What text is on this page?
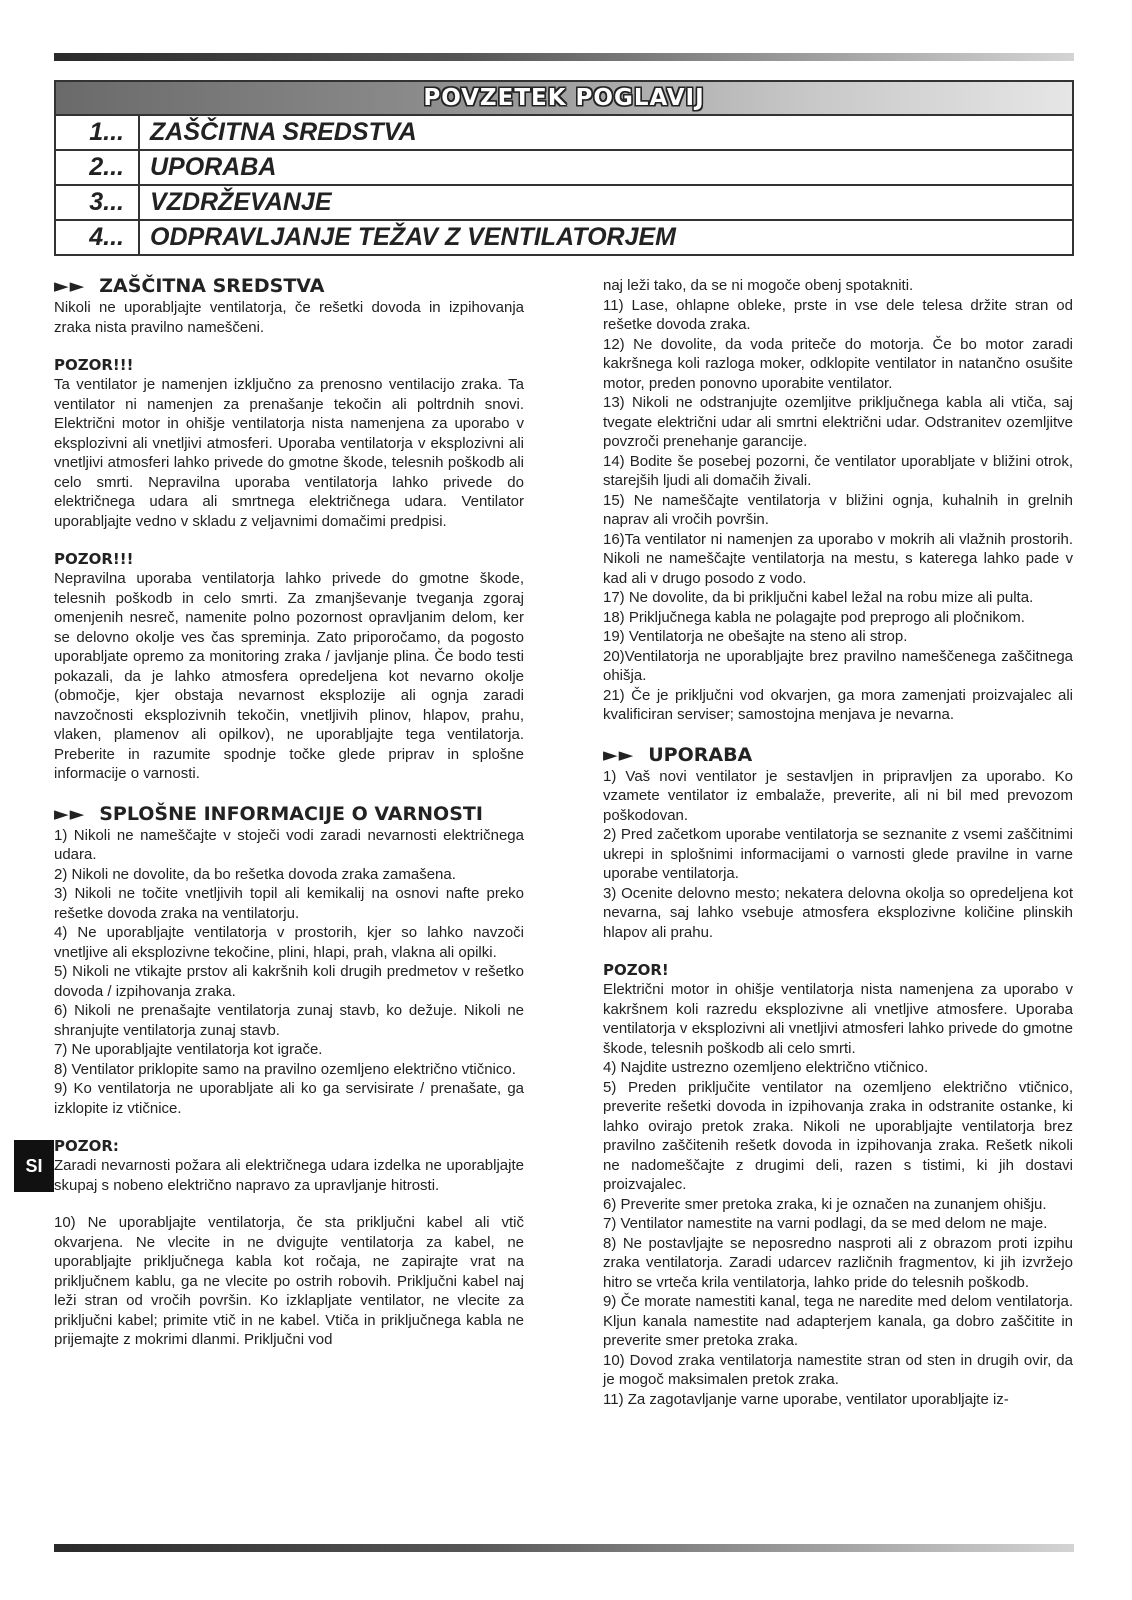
POVZETEK POGLAVIJ
1...	ZAŠČITNA SREDSTVA
2...	UPORABA
3...	VZDRŽEVANJE
4...	ODPRAVLJANJE TEŽAV Z VENTILATORJEM
►► ZAŠČITNA SREDSTVA

Nikoli ne uporabljajte ventilatorja, če rešetki dovoda in izpihovanja zraka nista pravilno nameščeni.

POZOR!!!

Ta ventilator je namenjen izključno za prenosno ventilacijo zraka. Ta ventilator ni namenjen za prenašanje tekočin ali poltrdnih snovi. Električni motor in ohišje ventilatorja nista namenjena za uporabo v eksplozivni ali vnetljivi atmosferi. Uporaba ventilatorja v eksplozivni ali vnetljivi atmosferi lahko privede do gmotne škode, telesnih poškodb ali celo smrti. Nepravilna uporaba ventilatorja lahko privede do električnega udara ali smrtnega električnega udara. Ventilator uporabljajte vedno v skladu z veljavnimi domačimi predpisi.

POZOR!!!

Nepravilna uporaba ventilatorja lahko privede do gmotne škode, telesnih poškodb in celo smrti. Za zmanjševanje tveganja zgoraj omenjenih nesreč, namenite polno pozornost opravljanim delom, ker se delovno okolje ves čas spreminja. Zato priporočamo, da pogosto uporabljate opremo za monitoring zraka / javljanje plina. Če bodo testi pokazali, da je lahko atmosfera opredeljena kot nevarno okolje (območje, kjer obstaja nevarnost eksplozije ali ognja zaradi navzočnosti eksplozivnih tekočin, vnetljivih plinov, hlapov, prahu, vlaken, plamenov ali opilkov), ne uporabljajte tega ventilatorja. Preberite in razumite spodnje točke glede priprav in splošne informacije o varnosti.

►► SPLOŠNE INFORMACIJE O VARNOSTI

1) Nikoli ne nameščajte v stoječi vodi zaradi nevarnosti električnega udara.

2) Nikoli ne dovolite, da bo rešetka dovoda zraka zamašena.

3) Nikoli ne točite vnetljivih topil ali kemikalij na osnovi nafte preko rešetke dovoda zraka na ventilatorju.

4) Ne uporabljajte ventilatorja v prostorih, kjer so lahko navzoči vnetljive ali eksplozivne tekočine, plini, hlapi, prah, vlakna ali opilki.

5) Nikoli ne vtikajte prstov ali kakršnih koli drugih predmetov v rešetko dovoda / izpihovanja zraka.

6) Nikoli ne prenašajte ventilatorja zunaj stavb, ko dežuje. Nikoli ne shranjujte ventilatorja zunaj stavb.

7) Ne uporabljajte ventilatorja kot igrače.

8) Ventilator priklopite samo na pravilno ozemljeno električno vtičnico.

9) Ko ventilatorja ne uporabljate ali ko ga servisirate / prenašate, ga izklopite iz vtičnice.

POZOR:

Zaradi nevarnosti požara ali električnega udara izdelka ne uporabljajte skupaj s nobeno električno napravo za upravljanje hitrosti.

10) Ne uporabljajte ventilatorja, če sta priključni kabel ali vtič okvarjena. Ne vlecite in ne dvigujte ventilatorja za kabel, ne uporabljajte priključnega kabla kot ročaja, ne zapirajte vrat na priključnem kablu, ga ne vlecite po ostrih robovih. Priključni kabel naj leži stran od vročih površin. Ko izklapljate ventilator, ne vlecite za priključni kabel; primite vtič in ne kabel. Vtiča in priključnega kabla ne prijemajte z mokrimi dlanmi. Priključni vod

naj leži tako, da se ni mogoče obenj spotakniti.

11) Lase, ohlapne obleke, prste in vse dele telesa držite stran od rešetke dovoda zraka.

12) Ne dovolite, da voda priteče do motorja. Če bo motor zaradi kakršnega koli razloga moker, odklopite ventilator in natančno osušite motor, preden ponovno uporabite ventilator.

13) Nikoli ne odstranjujte ozemljitve priključnega kabla ali vtiča, saj tvegate električni udar ali smrtni električni udar. Odstranitev ozemljitve povzroči prenehanje garancije.

14) Bodite še posebej pozorni, če ventilator uporabljate v bližini otrok, starejših ljudi ali domačih živali.

15) Ne nameščajte ventilatorja v bližini ognja, kuhalnih in grelnih naprav ali vročih površin.

16)Ta ventilator ni namenjen za uporabo v mokrih ali vlažnih prostorih. Nikoli ne nameščajte ventilatorja na mestu, s katerega lahko pade v kad ali v drugo posodo z vodo.

17) Ne dovolite, da bi priključni kabel ležal na robu mize ali pulta.

18) Priključnega kabla ne polagajte pod preprogo ali pločnikom.

19) Ventilatorja ne obešajte na steno ali strop.

20)Ventilatorja ne uporabljajte brez pravilno nameščenega zaščitnega ohišja.

21) Če je priključni vod okvarjen, ga mora zamenjati proizvajalec ali kvalificiran serviser; samostojna menjava je nevarna.

►► UPORABA

1) Vaš novi ventilator je sestavljen in pripravljen za uporabo. Ko vzamete ventilator iz embalaže, preverite, ali ni bil med prevozom poškodovan.

2) Pred začetkom uporabe ventilatorja se seznanite z vsemi zaščitnimi ukrepi in splošnimi informacijami o varnosti glede pravilne in varne uporabe ventilatorja.

3) Ocenite delovno mesto; nekatera delovna okolja so opredeljena kot nevarna, saj lahko vsebuje atmosfera eksplozivne količine plinskih hlapov ali prahu.

POZOR!

Električni motor in ohišje ventilatorja nista namenjena za uporabo v kakršnem koli razredu eksplozivne ali vnetljive atmosfere. Uporaba ventilatorja v eksplozivni ali vnetljivi atmosferi lahko privede do gmotne škode, telesnih poškodb ali celo smrti.

4) Najdite ustrezno ozemljeno električno vtičnico.

5) Preden priključite ventilator na ozemljeno električno vtičnico, preverite rešetki dovoda in izpihovanja zraka in odstranite ostanke, ki lahko ovirajo pretok zraka. Nikoli ne uporabljajte ventilatorja brez pravilno zaščitenih rešetk dovoda in izpihovanja zraka. Rešetk nikoli ne nadomeščajte z drugimi deli, razen s tistimi, ki jih dostavi proizvajalec.

6) Preverite smer pretoka zraka, ki je označen na zunanjem ohišju.

7) Ventilator namestite na varni podlagi, da se med delom ne maje.

8) Ne postavljajte se neposredno nasproti ali z obrazom proti izpihu zraka ventilatorja. Zaradi udarcev različnih fragmentov, ki jih izvržejo hitro se vrteča krila ventilatorja, lahko pride do telesnih poškodb.

9) Če morate namestiti kanal, tega ne naredite med delom ventilatorja. Kljun kanala namestite nad adapterjem kanala, ga dobro zaščitite in preverite smer pretoka zraka.

10) Dovod zraka ventilatorja namestite stran od sten in drugih ovir, da je mogoč maksimalen pretok zraka.

11) Za zagotavljanje varne uporabe, ventilator uporabljajte iz-

SI
